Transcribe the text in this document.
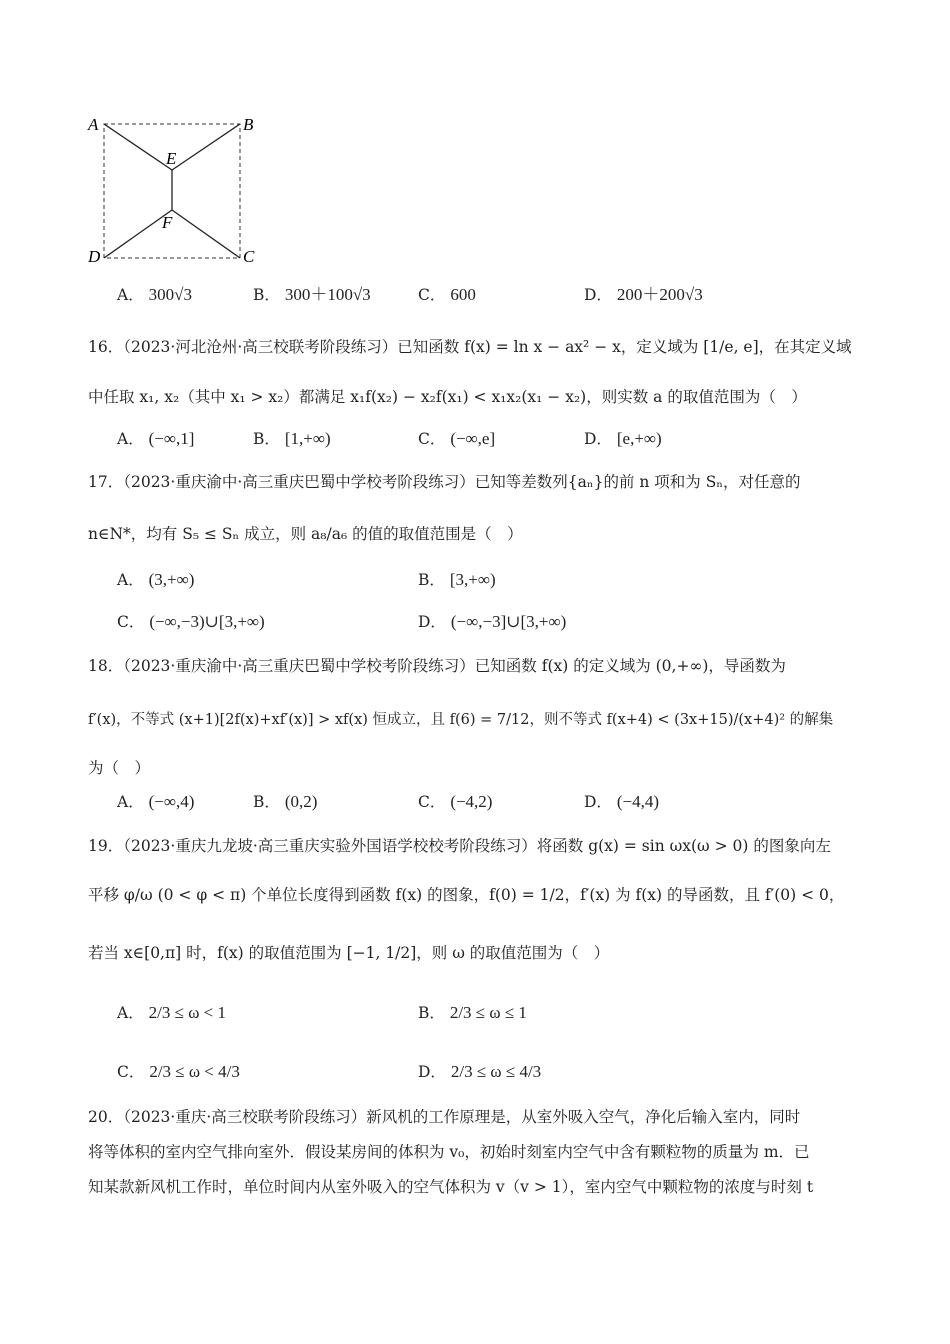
A	B
E
F
D	C
A． 300√3	B． 300＋100√3	C． 600	D． 200＋200√3
16．（2023·河北沧州·高三校联考阶段练习）已知函数 f(x) = ln x − ax² − x，定义域为 [1/e, e]，在其定义域
中任取 x₁, x₂（其中 x₁ > x₂）都满足 x₁f(x₂) − x₂f(x₁) < x₁x₂(x₁ − x₂)，则实数 a 的取值范围为（　）
A． (−∞,1]	B． [1,+∞)	C． (−∞,e]	D． [e,+∞)
17．（2023·重庆渝中·高三重庆巴蜀中学校考阶段练习）已知等差数列{aₙ}的前 n 项和为 Sₙ，对任意的
n∈N*，均有 S₅ ≤ Sₙ 成立，则 a₈/a₆ 的值的取值范围是（　）
A． (3,+∞)	B． [3,+∞)
C． (−∞,−3)∪[3,+∞)	D． (−∞,−3]∪[3,+∞)
18．（2023·重庆渝中·高三重庆巴蜀中学校考阶段练习）已知函数 f(x) 的定义域为 (0,+∞)，导函数为
f′(x)，不等式 (x+1)[2f(x)+xf′(x)] > xf(x) 恒成立，且 f(6) = 7/12，则不等式 f(x+4) < (3x+15)/(x+4)² 的解集
为（　）
A． (−∞,4)	B． (0,2)	C． (−4,2)	D． (−4,4)
19．（2023·重庆九龙坡·高三重庆实验外国语学校校考阶段练习）将函数 g(x) = sin ωx(ω > 0) 的图象向左
平移 φ/ω (0 < φ < π) 个单位长度得到函数 f(x) 的图象，f(0) = 1/2，f′(x) 为 f(x) 的导函数，且 f′(0) < 0，
若当 x∈[0,π] 时，f(x) 的取值范围为 [−1, 1/2]，则 ω 的取值范围为（　）
A． 2/3 ≤ ω < 1	B． 2/3 ≤ ω ≤ 1
C． 2/3 ≤ ω < 4/3	D． 2/3 ≤ ω ≤ 4/3
20．（2023·重庆·高三校联考阶段练习）新风机的工作原理是，从室外吸入空气，净化后输入室内，同时
将等体积的室内空气排向室外．假设某房间的体积为 v₀，初始时刻室内空气中含有颗粒物的质量为 m．已
知某款新风机工作时，单位时间内从室外吸入的空气体积为 v（v > 1），室内空气中颗粒物的浓度与时刻 t
